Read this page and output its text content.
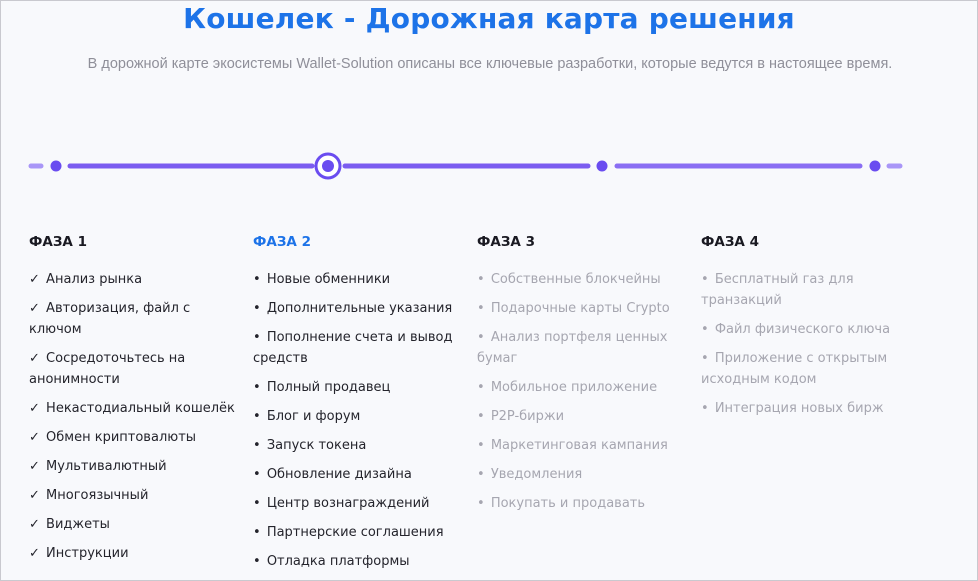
Кошелек - Дорожная карта решения

В дорожной карте экосистемы Wallet-Solution описаны все ключевые разработки, которые ведутся в настоящее время.

ФАЗА 1
✓ Анализ рынка
✓ Авторизация, файл с ключом
✓ Сосредоточьтесь на анонимности
✓ Некастодиальный кошелёк
✓ Обмен криптовалюты
✓ Мультивалютный
✓ Многоязычный
✓ Виджеты
✓ Инструкции
ФАЗА 2
• Новые обменники
• Дополнительные указания
• Пополнение счета и вывод средств
• Полный продавец
• Блог и форум
• Запуск токена
• Обновление дизайна
• Центр вознаграждений
• Партнерские соглашения
• Отладка платформы
ФАЗА 3
• Собственные блокчейны
• Подарочные карты Crypto
• Анализ портфеля ценных бумаг
• Мобильное приложение
• P2P-биржи
• Маркетинговая кампания
• Уведомления
• Покупать и продавать
ФАЗА 4
• Бесплатный газ для транзакций
• Файл физического ключа
• Приложение с открытым исходным кодом
• Интеграция новых бирж
